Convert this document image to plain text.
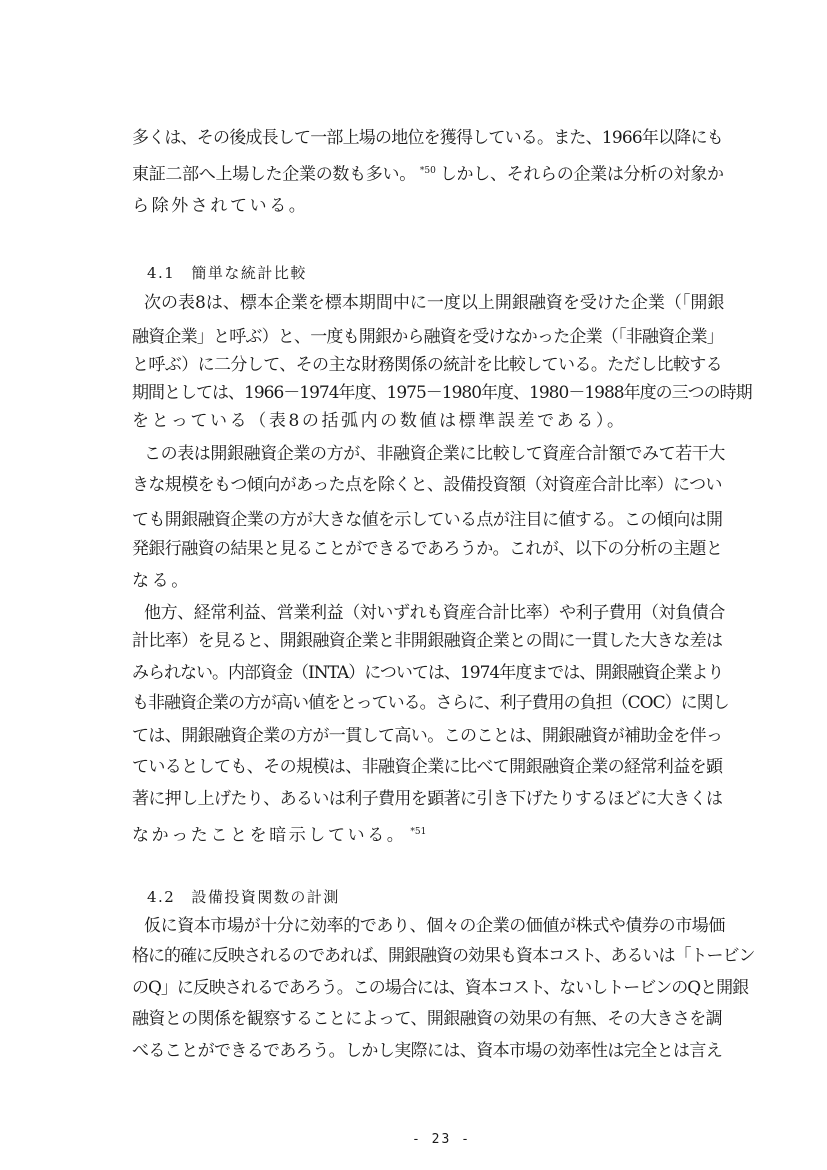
多くは、その後成長して一部上場の地位を獲得している。また、1966年以降にも
東証二部へ上場した企業の数も多い。 $^{*50}$ しかし、それらの企業は分析の対象か
ら除外されている。
4.1 簡単な統計比較
次の表8は、標本企業を標本期間中に一度以上開銀融資を受けた企業（「開銀
融資企業」と呼ぶ）と、一度も開銀から融資を受けなかった企業（「非融資企業」
と呼ぶ）に二分して、その主な財務関係の統計を比較している。ただし比較する
期間としては、1966－1974年度、1975－1980年度、1980－1988年度の三つの時期
をとっている（表8の括弧内の数値は標準誤差である）。
この表は開銀融資企業の方が、非融資企業に比較して資産合計額でみて若干大
きな規模をもつ傾向があった点を除くと、設備投資額（対資産合計比率）につい
ても開銀融資企業の方が大きな値を示している点が注目に値する。この傾向は開
発銀行融資の結果と見ることができるであろうか。これが、以下の分析の主題と
なる。
他方、経常利益、営業利益（対いずれも資産合計比率）や利子費用（対負債合
計比率）を見ると、開銀融資企業と非開銀融資企業との間に一貫した大きな差は
みられない。内部資金（INTA）については、1974年度までは、開銀融資企業より
も非融資企業の方が高い値をとっている。さらに、利子費用の負担（COC）に関し
ては、開銀融資企業の方が一貫して高い。このことは、開銀融資が補助金を伴っ
ているとしても、その規模は、非融資企業に比べて開銀融資企業の経常利益を顕
著に押し上げたり、あるいは利子費用を顕著に引き下げたりするほどに大きくは
なかったことを暗示している。 $^{*51}$
4.2 設備投資関数の計測
仮に資本市場が十分に効率的であり、個々の企業の価値が株式や債券の市場価
格に的確に反映されるのであれば、開銀融資の効果も資本コスト、あるいは「トービン
のQ」に反映されるであろう。この場合には、資本コスト、ないしトービンのQと開銀
融資との関係を観察することによって、開銀融資の効果の有無、その大きさを調
べることができるであろう。しかし実際には、資本市場の効率性は完全とは言え
- 23 -
